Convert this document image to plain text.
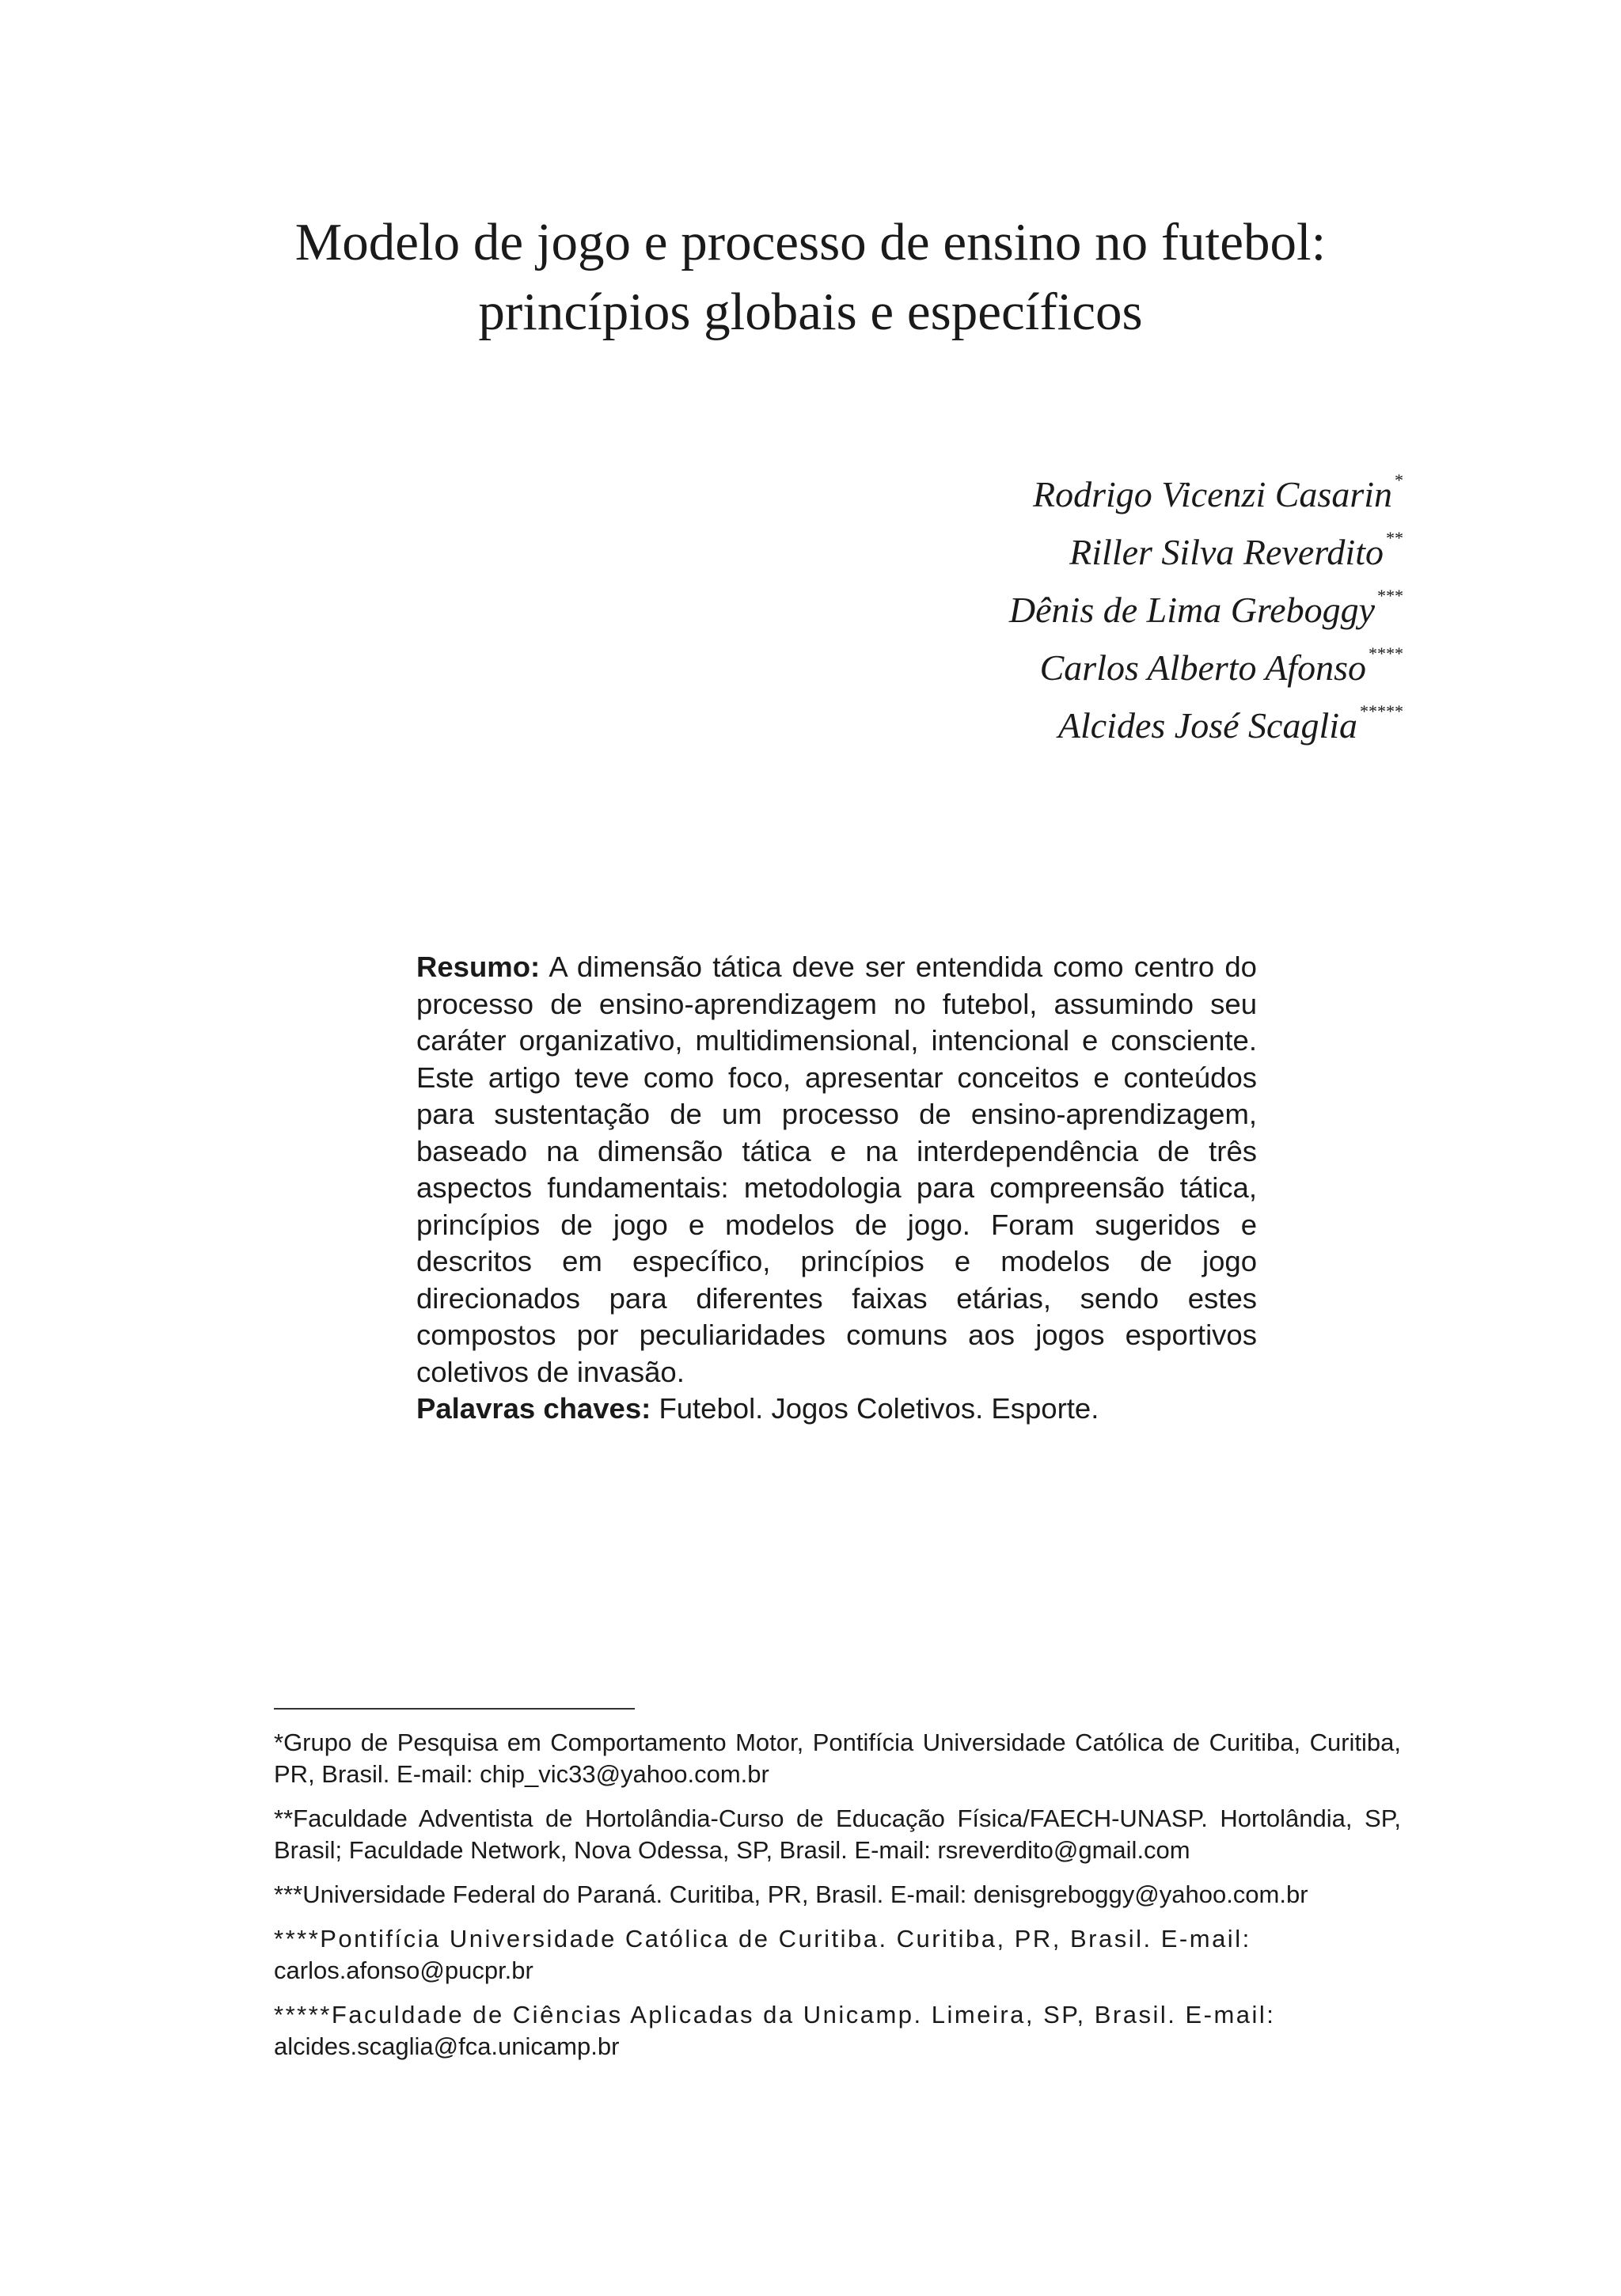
Modelo de jogo e processo de ensino no futebol:
princípios globais e específicos
Rodrigo Vicenzi Casarin*
Riller Silva Reverdito**
Dênis de Lima Greboggy***
Carlos Alberto Afonso****
Alcides José Scaglia*****

Resumo: A dimensão tática deve ser entendida como centro do processo de ensino-aprendizagem no futebol, assumindo seu caráter organizativo, multidimensional, intencional e consciente. Este artigo teve como foco, apresentar conceitos e conteúdos para sustentação de um processo de ensino-aprendizagem, baseado na dimensão tática e na interdependência de três aspectos fundamentais: metodologia para compreensão tática, princípios de jogo e modelos de jogo. Foram sugeridos e descritos em específico, princípios e modelos de jogo direcionados para diferentes faixas etárias, sendo estes compostos por peculiaridades comuns aos jogos esportivos coletivos de invasão.

Palavras chaves: Futebol. Jogos Coletivos. Esporte.

*Grupo de Pesquisa em Comportamento Motor, Pontifícia Universidade Católica de Curitiba, Curitiba, PR, Brasil. E-mail: chip_vic33@yahoo.com.br

**Faculdade Adventista de Hortolândia-Curso de Educação Física/FAECH-UNASP. Hortolândia, SP, Brasil; Faculdade Network, Nova Odessa, SP, Brasil. E-mail: rsreverdito@gmail.com

***Universidade Federal do Paraná. Curitiba, PR, Brasil. E-mail: denisgreboggy@yahoo.com.br

****Pontifícia Universidade Católica de Curitiba. Curitiba, PR, Brasil. E-mail:
carlos.afonso@pucpr.br

*****Faculdade de Ciências Aplicadas da Unicamp. Limeira, SP, Brasil. E-mail:
alcides.scaglia@fca.unicamp.br
